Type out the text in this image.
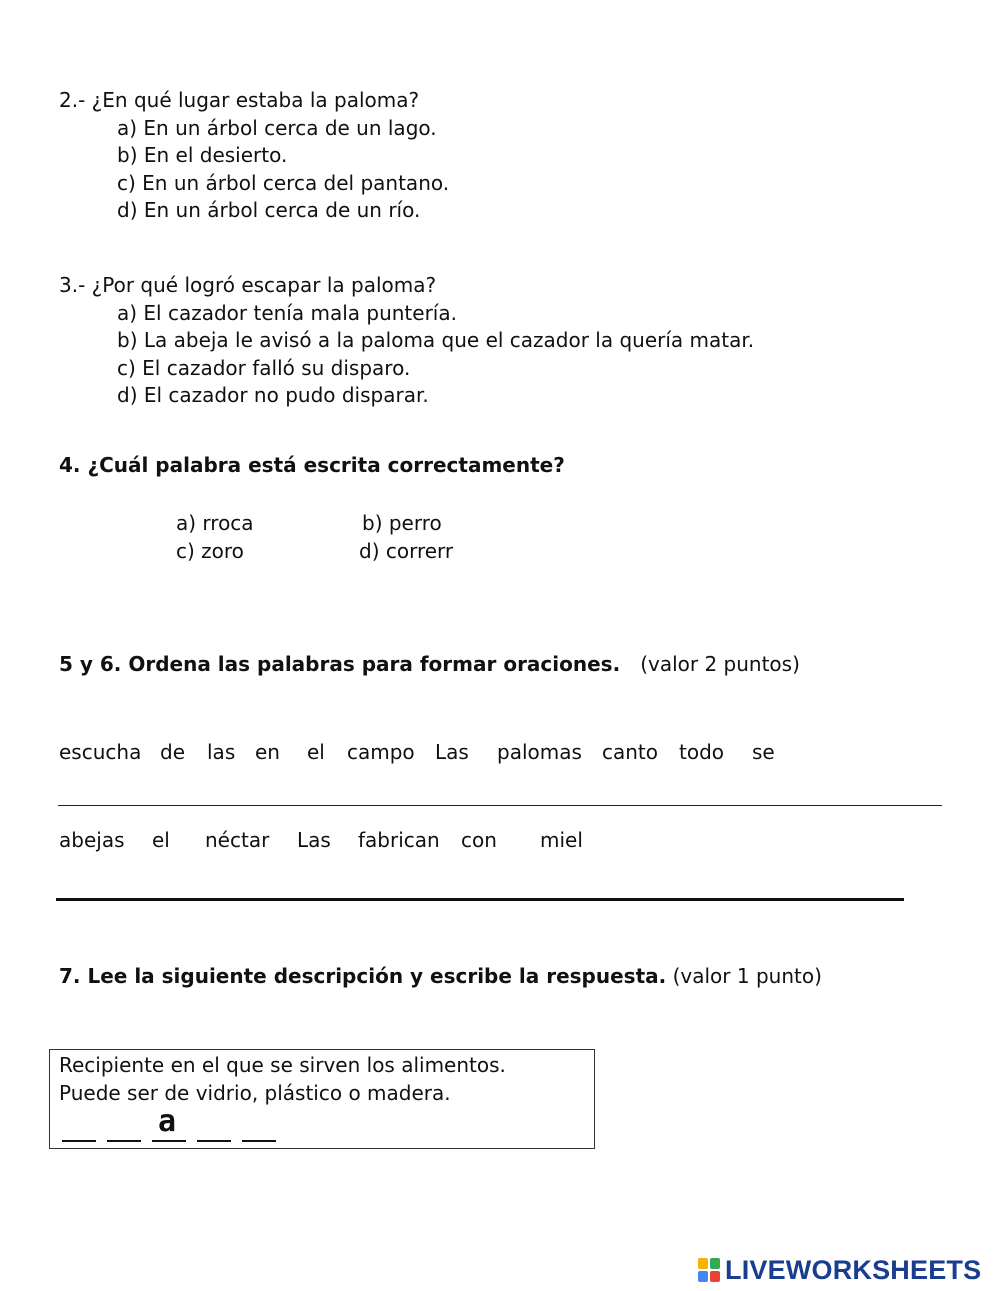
2.- ¿En qué lugar estaba la paloma?
a) En un árbol cerca de un lago.
b) En el desierto.
c) En un árbol cerca del pantano.
d) En un árbol cerca de un río.
3.- ¿Por qué logró escapar la paloma?
a) El cazador tenía mala puntería.
b) La abeja le avisó a la paloma que el cazador la quería matar.
c) El cazador falló su disparo.
d) El cazador no pudo disparar.
4. ¿Cuál palabra está escrita correctamente?
a) rroca	b) perro
c) zoro	d) correrr
5 y 6. Ordena las palabras para formar oraciones. (valor 2 puntos)
escucha de las en el campo Las palomas canto todo se
abejas el néctar Las fabrican con miel
7. Lee la siguiente descripción y escribe la respuesta. (valor 1 punto)
Recipiente en el que se sirven los alimentos.
Puede ser de vidrio, plástico o madera.
a
LIVEWORKSHEETS
